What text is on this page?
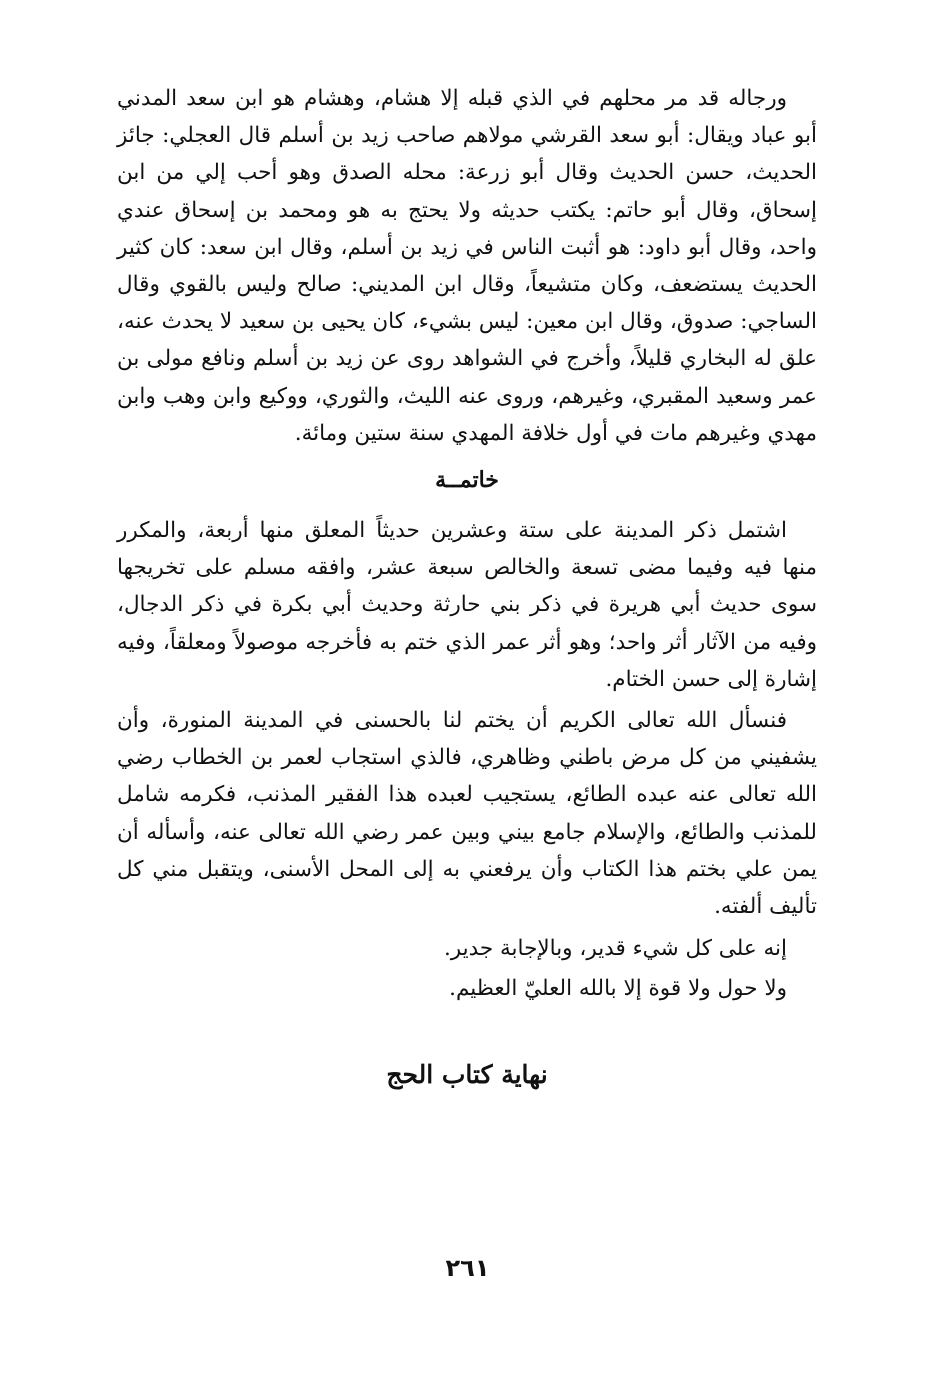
ورجاله قد مر محلهم في الذي قبله إلا هشام، وهشام هو ابن سعد المدني أبو عباد ويقال: أبو سعد القرشي مولاهم صاحب زيد بن أسلم قال العجلي: جائز الحديث، حسن الحديث وقال أبو زرعة: محله الصدق وهو أحب إلي من ابن إسحاق، وقال أبو حاتم: يكتب حديثه ولا يحتج به هو ومحمد بن إسحاق عندي واحد، وقال أبو داود: هو أثبت الناس في زيد بن أسلم، وقال ابن سعد: كان كثير الحديث يستضعف، وكان متشيعاً، وقال ابن المديني: صالح وليس بالقوي وقال الساجي: صدوق، وقال ابن معين: ليس بشيء، كان يحيى بن سعيد لا يحدث عنه، علق له البخاري قليلاً، وأخرج في الشواهد روى عن زيد بن أسلم ونافع مولى بن عمر وسعيد المقبري، وغيرهم، وروى عنه الليث، والثوري، ووكيع وابن وهب وابن مهدي وغيرهم مات في أول خلافة المهدي سنة ستين ومائة.

خاتمــة

اشتمل ذكر المدينة على ستة وعشرين حديثاً المعلق منها أربعة، والمكرر منها فيه وفيما مضى تسعة والخالص سبعة عشر، وافقه مسلم على تخريجها سوى حديث أبي هريرة في ذكر بني حارثة وحديث أبي بكرة في ذكر الدجال، وفيه من الآثار أثر واحد؛ وهو أثر عمر الذي ختم به فأخرجه موصولاً ومعلقاً، وفيه إشارة إلى حسن الختام.

فنسأل الله تعالى الكريم أن يختم لنا بالحسنى في المدينة المنورة، وأن يشفيني من كل مرض باطني وظاهري، فالذي استجاب لعمر بن الخطاب رضي الله تعالى عنه عبده الطائع، يستجيب لعبده هذا الفقير المذنب، فكرمه شامل للمذنب والطائع، والإسلام جامع بيني وبين عمر رضي الله تعالى عنه، وأسأله أن يمن علي بختم هذا الكتاب وأن يرفعني به إلى المحل الأسنى، ويتقبل مني كل تأليف ألفته.

إنه على كل شيء قدير، وبالإجابة جدير.

ولا حول ولا قوة إلا بالله العليّ العظيم.

نهاية كتاب الحج
٢٦١
